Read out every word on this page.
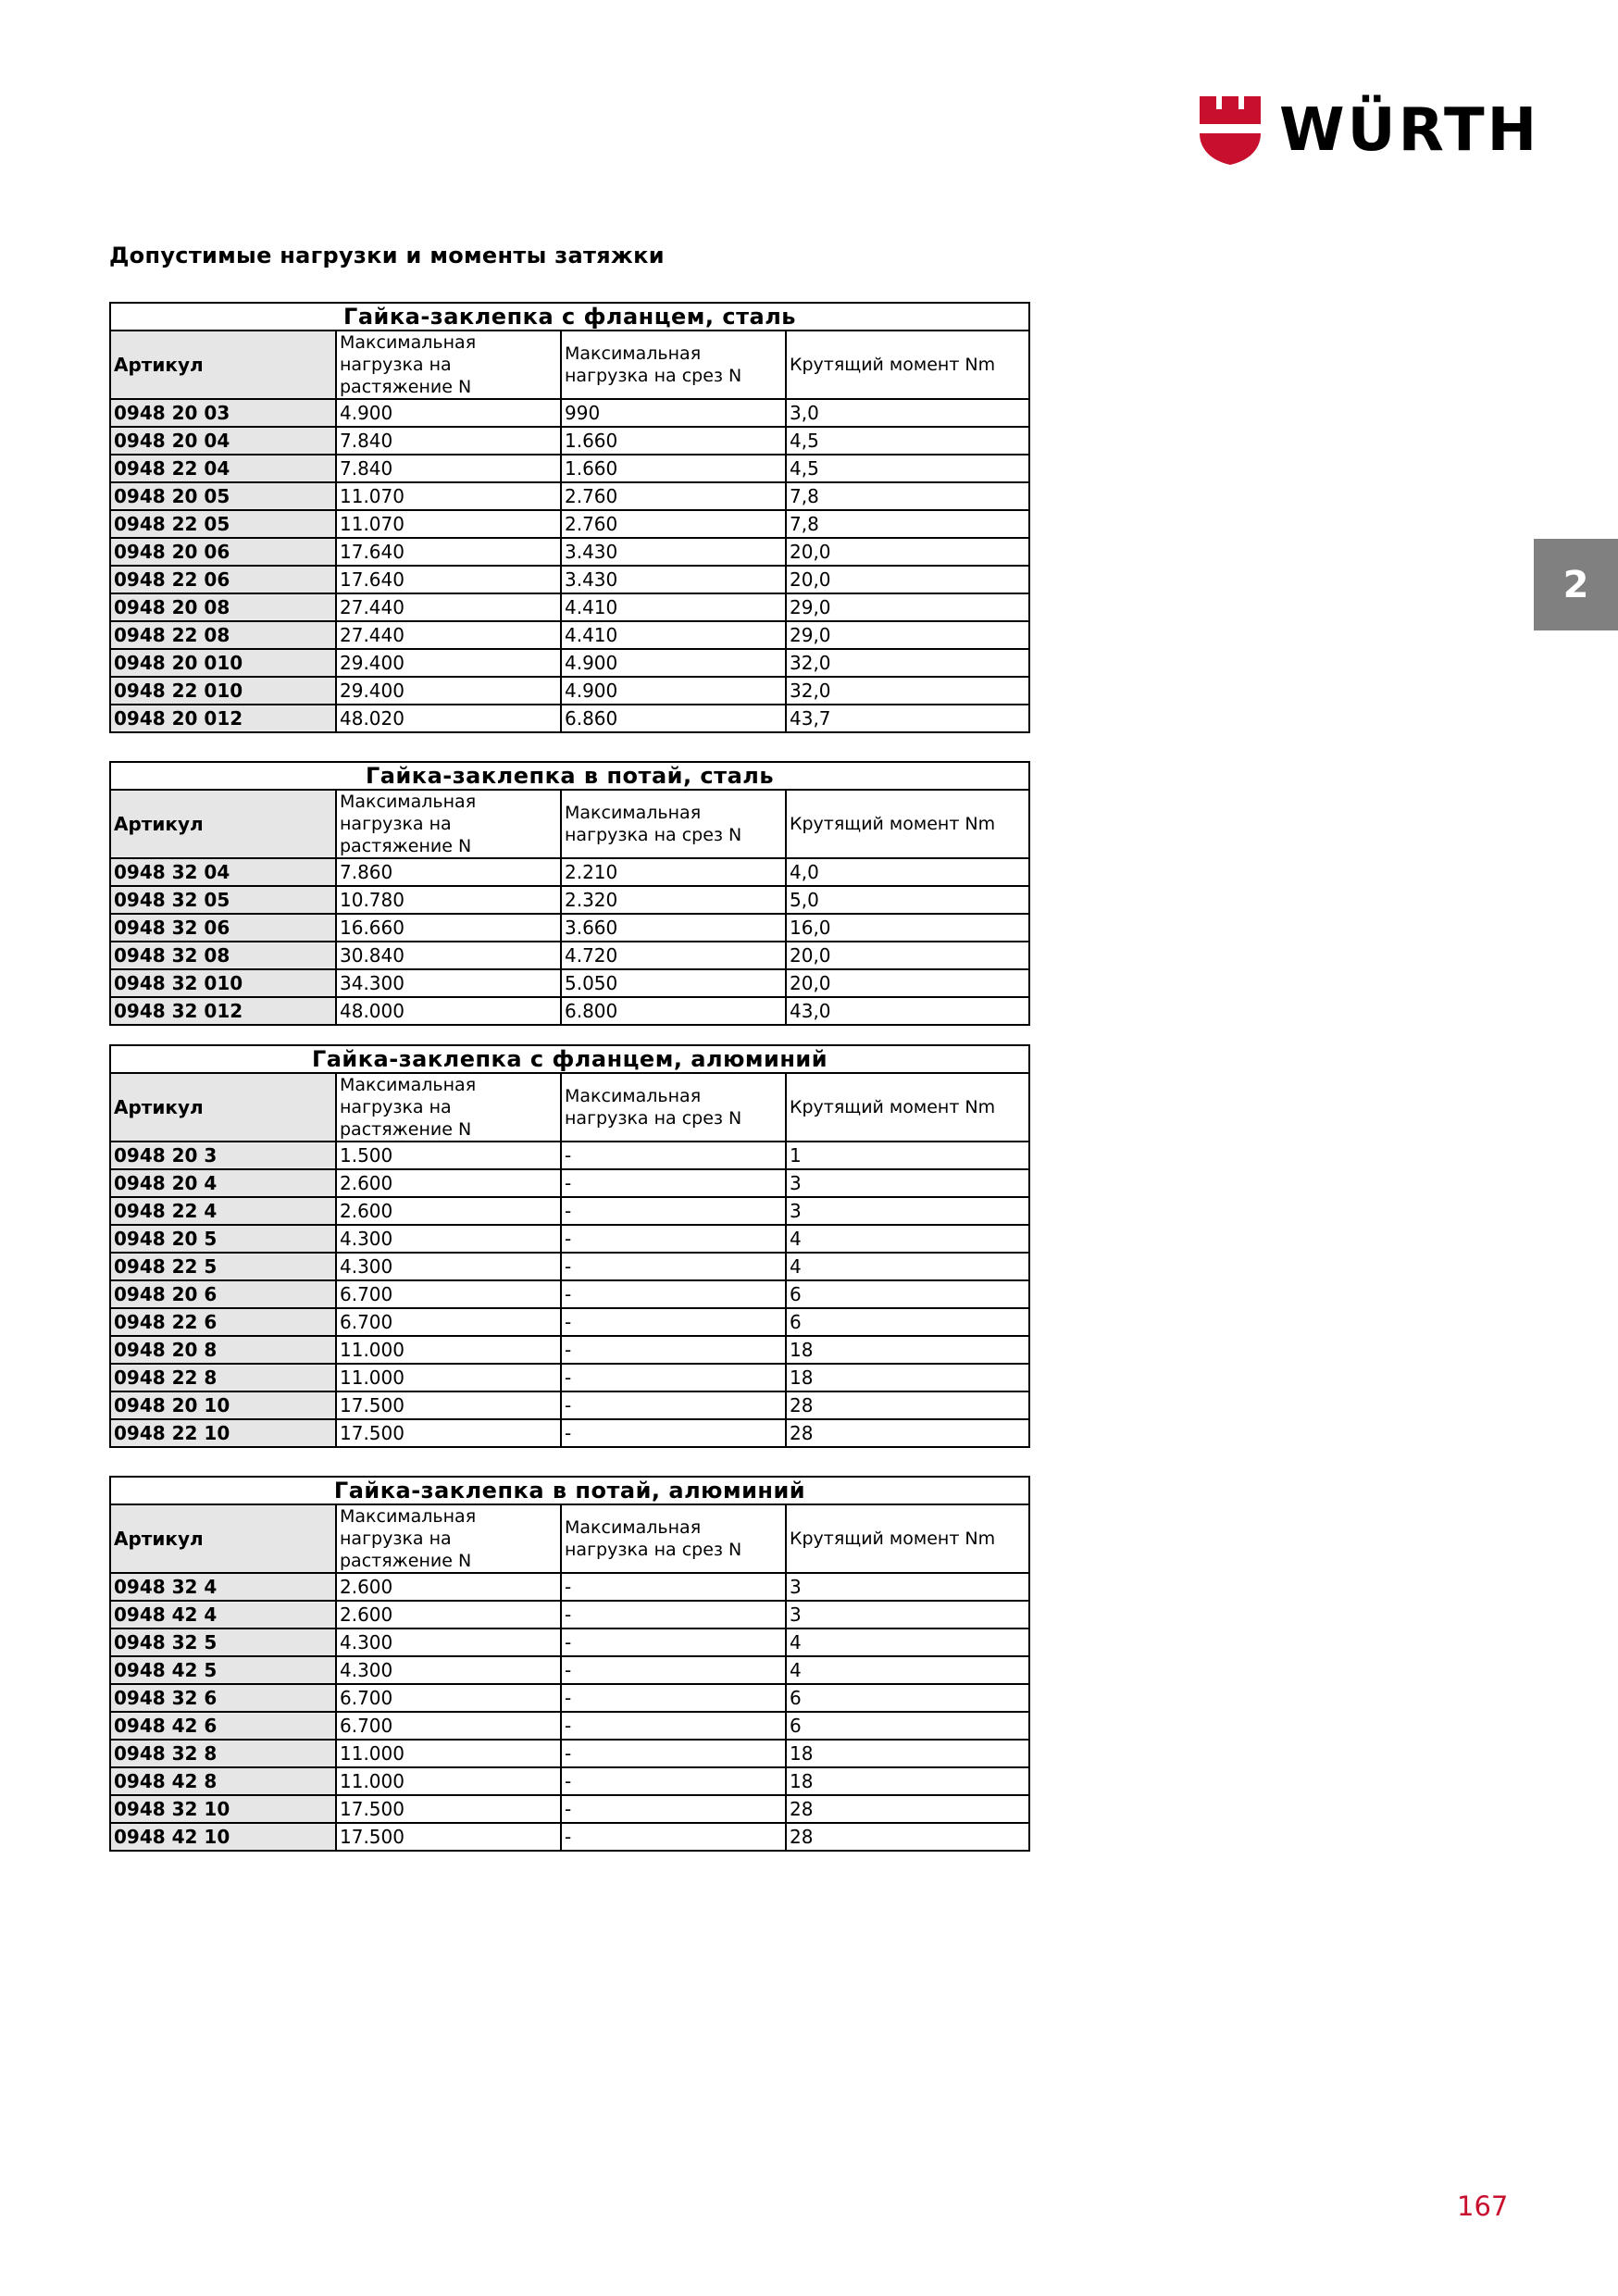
WÜRTH
Допустимые нагрузки и моменты затяжки
2
Гайка-заклепка с фланцем, сталь			
Артикул	Максимальная нагрузка на растяжение N	Максимальная нагрузка на срез N	Крутящий момент Nm
0948 20 03	4.900	990	3,0
0948 20 04	7.840	1.660	4,5
0948 22 04	7.840	1.660	4,5
0948 20 05	11.070	2.760	7,8
0948 22 05	11.070	2.760	7,8
0948 20 06	17.640	3.430	20,0
0948 22 06	17.640	3.430	20,0
0948 20 08	27.440	4.410	29,0
0948 22 08	27.440	4.410	29,0
0948 20 010	29.400	4.900	32,0
0948 22 010	29.400	4.900	32,0
0948 20 012	48.020	6.860	43,7
Гайка-заклепка в потай, сталь			
Артикул	Максимальная нагрузка на растяжение N	Максимальная нагрузка на срез N	Крутящий момент Nm
0948 32 04	7.860	2.210	4,0
0948 32 05	10.780	2.320	5,0
0948 32 06	16.660	3.660	16,0
0948 32 08	30.840	4.720	20,0
0948 32 010	34.300	5.050	20,0
0948 32 012	48.000	6.800	43,0
Гайка-заклепка с фланцем, алюминий			
Артикул	Максимальная нагрузка на растяжение N	Максимальная нагрузка на срез N	Крутящий момент Nm
0948 20 3	1.500	-	1
0948 20 4	2.600	-	3
0948 22 4	2.600	-	3
0948 20 5	4.300	-	4
0948 22 5	4.300	-	4
0948 20 6	6.700	-	6
0948 22 6	6.700	-	6
0948 20 8	11.000	-	18
0948 22 8	11.000	-	18
0948 20 10	17.500	-	28
0948 22 10	17.500	-	28
Гайка-заклепка в потай, алюминий			
Артикул	Максимальная нагрузка на растяжение N	Максимальная нагрузка на срез N	Крутящий момент Nm
0948 32 4	2.600	-	3
0948 42 4	2.600	-	3
0948 32 5	4.300	-	4
0948 42 5	4.300	-	4
0948 32 6	6.700	-	6
0948 42 6	6.700	-	6
0948 32 8	11.000	-	18
0948 42 8	11.000	-	18
0948 32 10	17.500	-	28
0948 42 10	17.500	-	28
167
